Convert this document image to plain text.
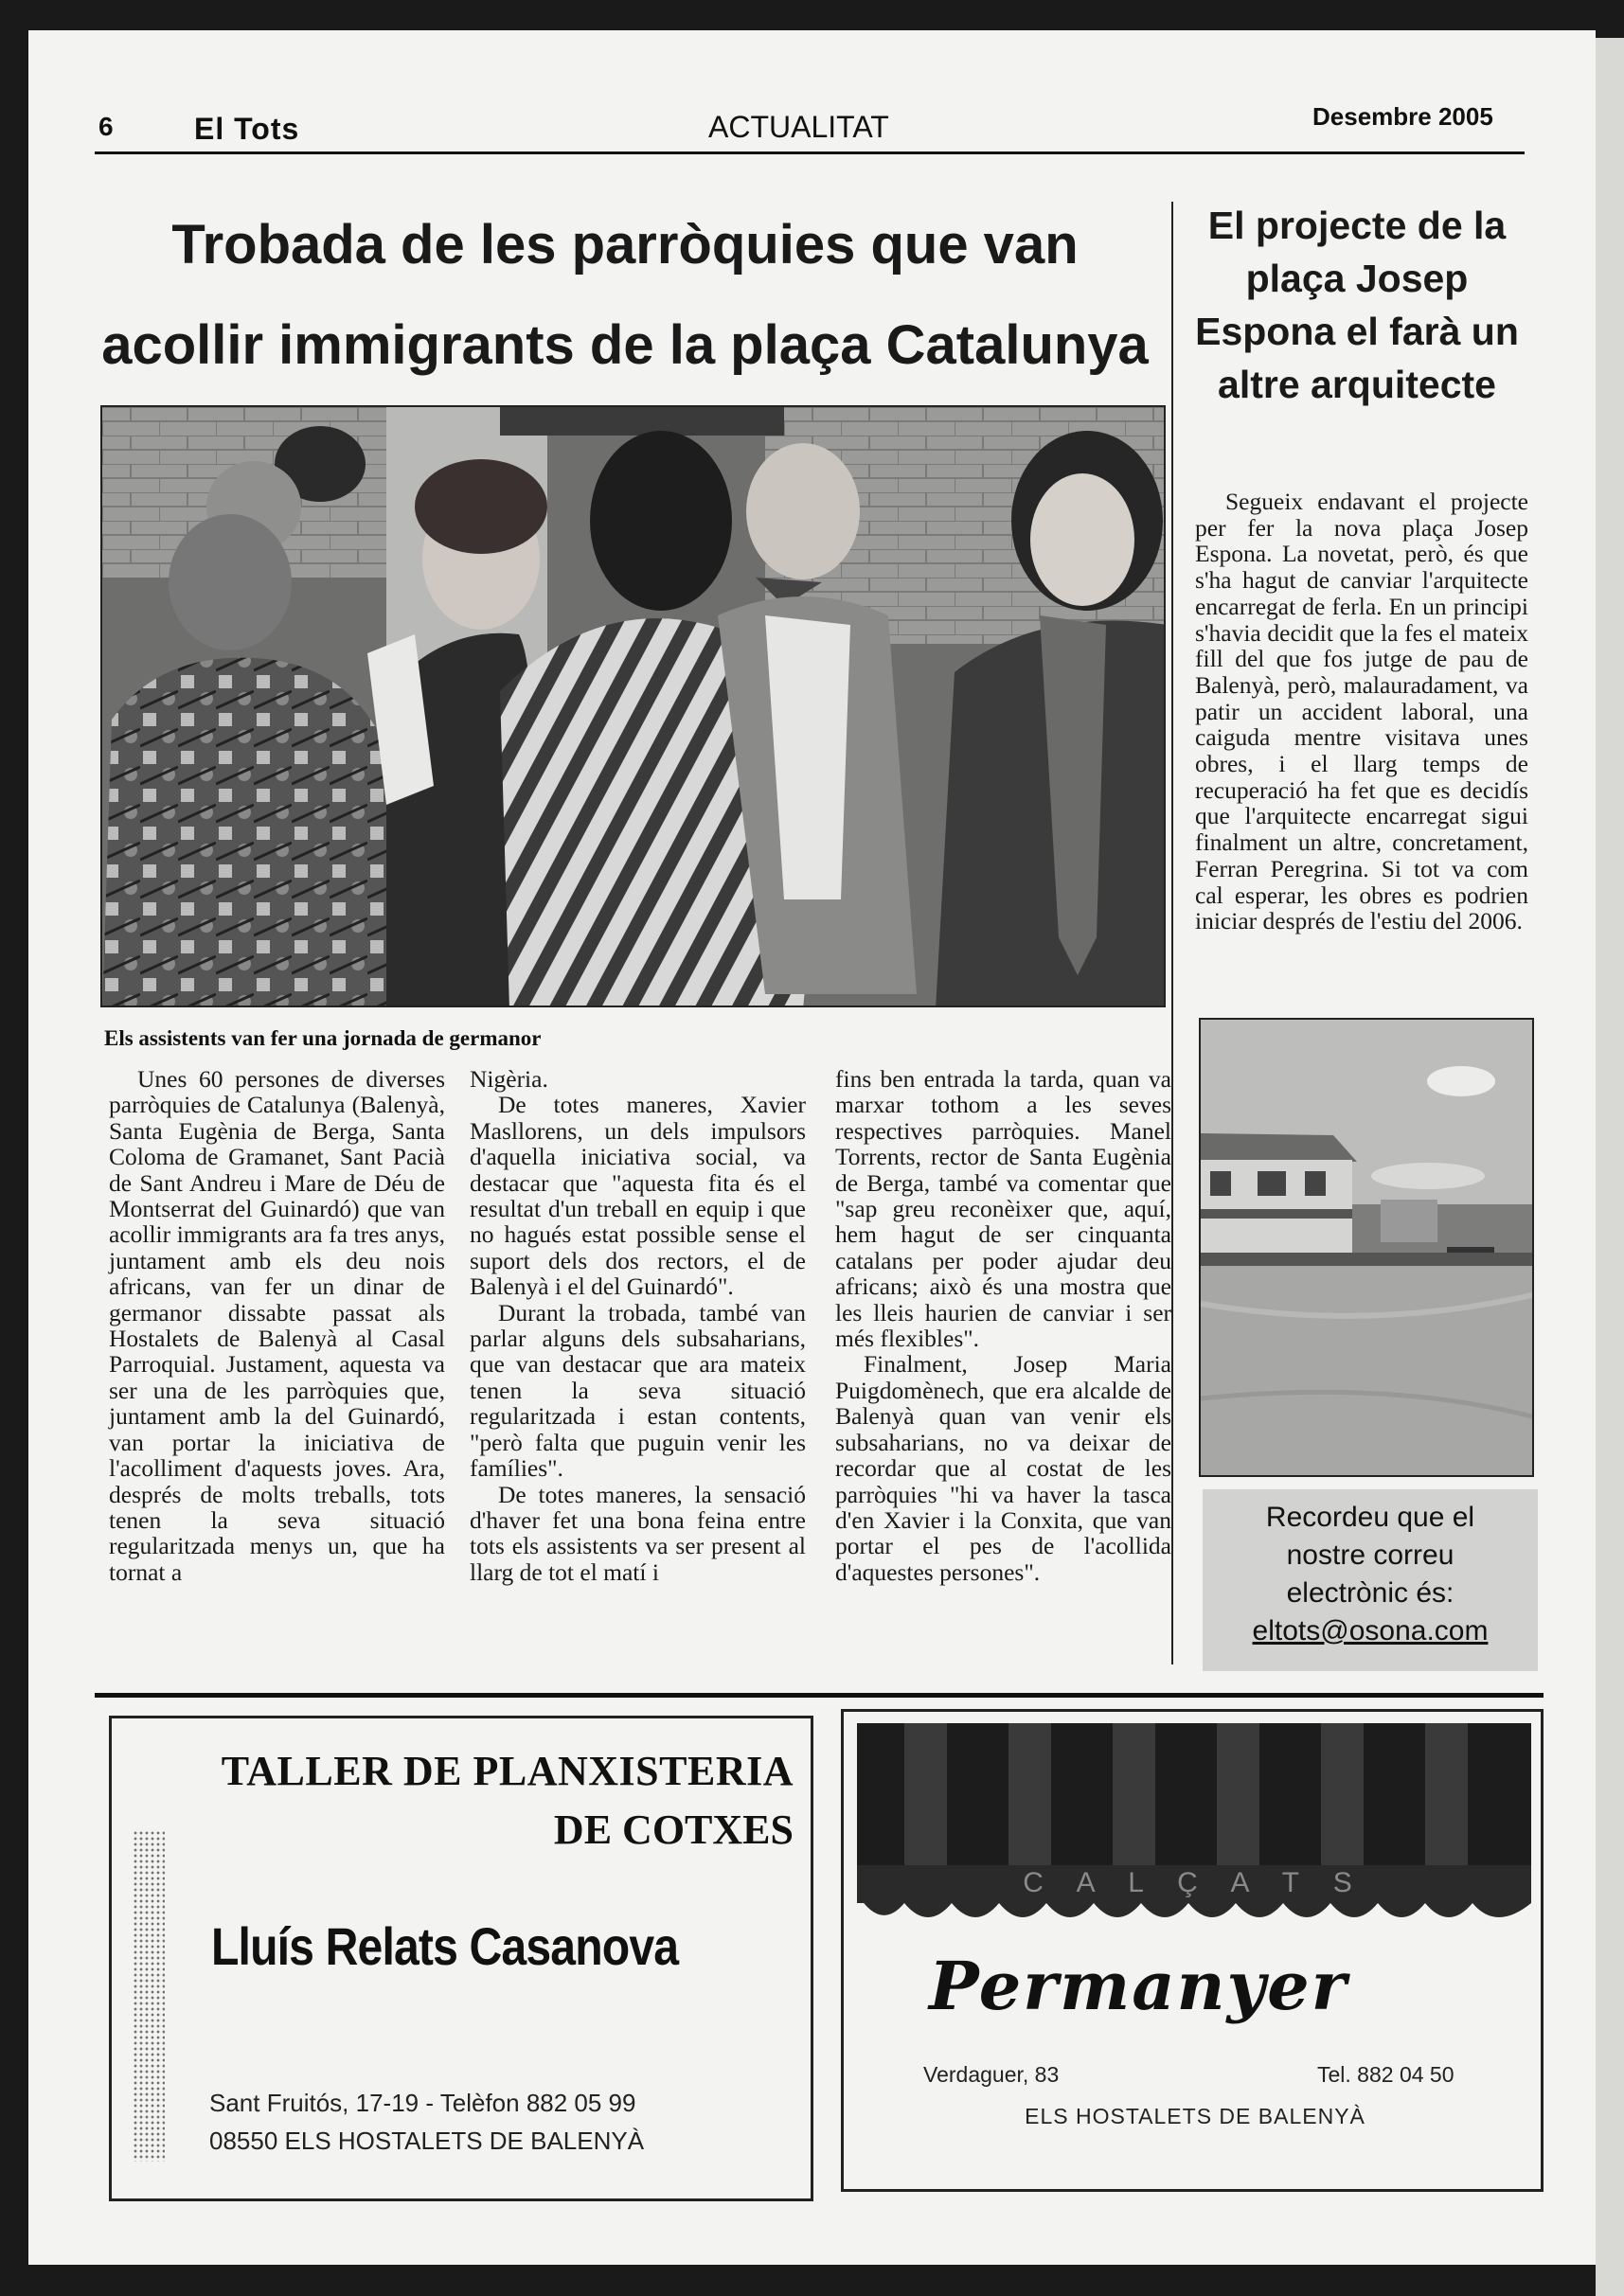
6	El Tots	ACTUALITAT	Desembre 2005
Trobada de les parròquies que van
acollir immigrants de la plaça Catalunya
Els assistents van fer una jornada de germanor

Unes 60 persones de diverses parròquies de Catalunya (Balenyà, Santa Eugènia de Berga, Santa Coloma de Gramanet, Sant Pacià de Sant Andreu i Mare de Déu de Montserrat del Guinardó) que van acollir immigrants ara fa tres anys, juntament amb els deu nois africans, van fer un dinar de germanor dissabte passat als Hostalets de Balenyà al Casal Parroquial. Justament, aquesta va ser una de les parròquies que, juntament amb la del Guinardó, van portar la iniciativa de l'acolliment d'aquests joves. Ara, després de molts treballs, tots tenen la seva situació regularitzada menys un, que ha tornat a

Nigèria.

De totes maneres, Xavier Masllorens, un dels impulsors d'aquella iniciativa social, va destacar que "aquesta fita és el resultat d'un treball en equip i que no hagués estat possible sense el suport dels dos rectors, el de Balenyà i el del Guinardó".

Durant la trobada, també van parlar alguns dels subsaharians, que van destacar que ara mateix tenen la seva situació regularitzada i estan contents, "però falta que puguin venir les famílies".

De totes maneres, la sensació d'haver fet una bona feina entre tots els assistents va ser present al llarg de tot el matí i

fins ben entrada la tarda, quan va marxar tothom a les seves respectives parròquies. Manel Torrents, rector de Santa Eugènia de Berga, també va comentar que "sap greu reconèixer que, aquí, hem hagut de ser cinquanta catalans per poder ajudar deu africans; això és una mostra que les lleis haurien de canviar i ser més flexibles".

Finalment, Josep Maria Puigdomènech, que era alcalde de Balenyà quan van venir els subsaharians, no va deixar de recordar que al costat de les parròquies "hi va haver la tasca d'en Xavier i la Conxita, que van portar el pes de l'acollida d'aquestes persones".

El projecte de la plaça Josep Espona el farà un altre arquitecte

Segueix endavant el projecte per fer la nova plaça Josep Espona. La novetat, però, és que s'ha hagut de canviar l'arquitecte encarregat de ferla. En un principi s'havia decidit que la fes el mateix fill del que fos jutge de pau de Balenyà, però, malauradament, va patir un accident laboral, una caiguda mentre visitava unes obres, i el llarg temps de recuperació ha fet que es decidís que l'arquitecte encarregat sigui finalment un altre, concretament, Ferran Peregrina. Si tot va com cal esperar, les obres es podrien iniciar després de l'estiu del 2006.

Recordeu que el
nostre correu
electrònic és:
eltots@osona.com
TALLER DE PLANXISTERIA
DE COTXES
Lluís Relats Casanova
Sant Fruitós, 17-19 - Telèfon 882 05 99
08550 ELS HOSTALETS DE BALENYÀ
C A L Ç A T S
Permanyer
Verdaguer, 83	Tel. 882 04 50
ELS HOSTALETS DE BALENYÀ
